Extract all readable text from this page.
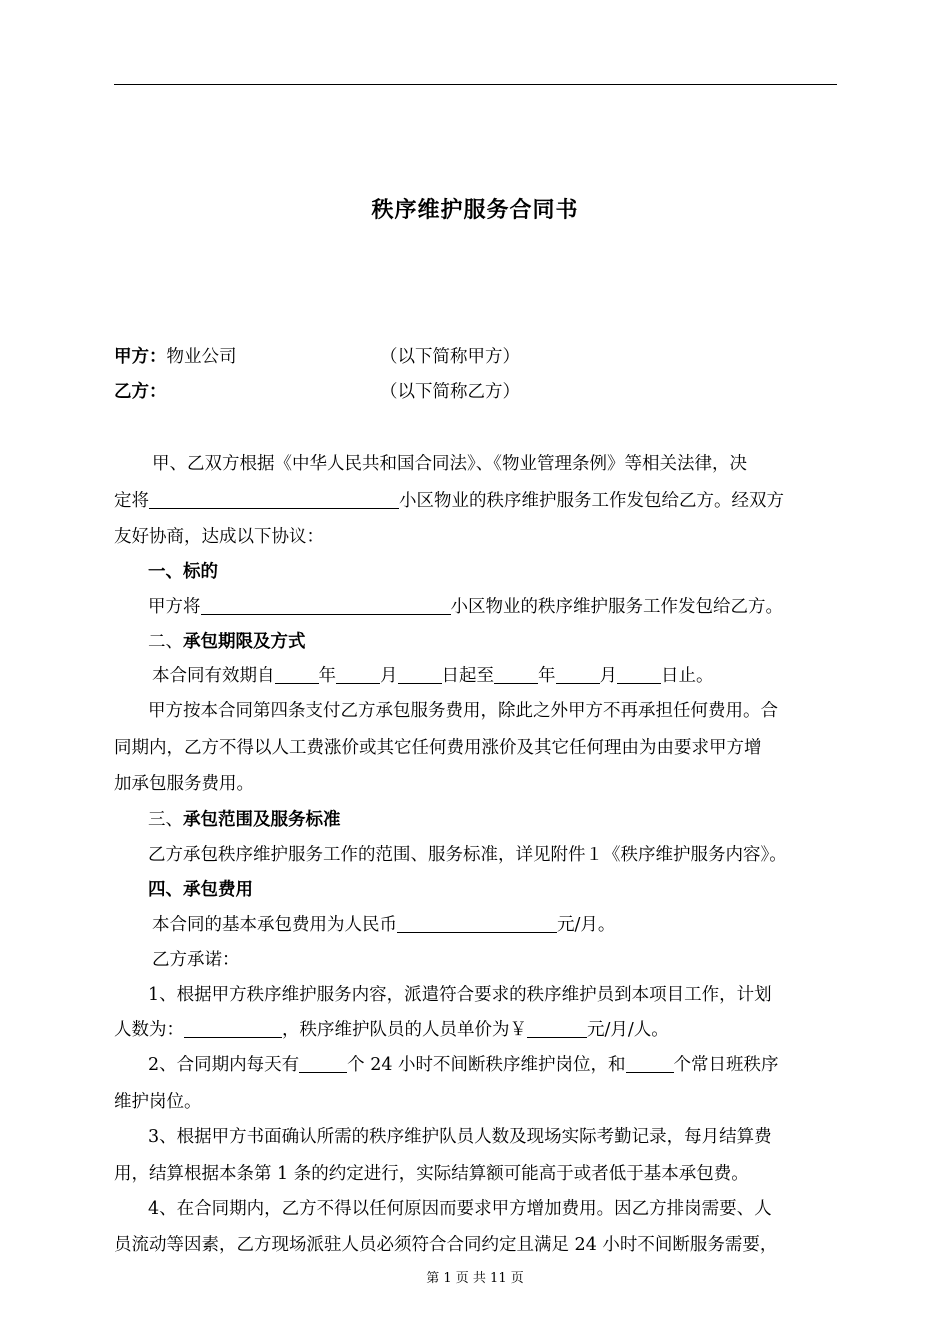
秩序维护服务合同书
甲方：物业公司	（以下简称甲方）
乙方：	（以下简称乙方）
甲、乙双方根据《中华人民共和国合同法》、《物业管理条例》等相关法律，决
定将	小区物业的秩序维护服务工作发包给乙方。经双方
友好协商，达成以下协议：
一、标的
甲方将	小区物业的秩序维护服务工作发包给乙方。
二、承包期限及方式
本合同有效期自	年	月	日起至	年	月	日止。
甲方按本合同第四条支付乙方承包服务费用，除此之外甲方不再承担任何费用。合
同期内，乙方不得以人工费涨价或其它任何费用涨价及其它任何理由为由要求甲方增
加承包服务费用。
三、承包范围及服务标准
乙方承包秩序维护服务工作的范围、服务标准，详见附件１《秩序维护服务内容》。
四、承包费用
本合同的基本承包费用为人民币	元/月。
乙方承诺：
1、根据甲方秩序维护服务内容，派遣符合要求的秩序维护员到本项目工作，计划
人数为：	，秩序维护队员的人员单价为￥	元/月/人。
2、合同期内每天有	个 24 小时不间断秩序维护岗位，和	个常日班秩序
维护岗位。
3、根据甲方书面确认所需的秩序维护队员人数及现场实际考勤记录，每月结算费
用，结算根据本条第 1 条的约定进行，实际结算额可能高于或者低于基本承包费。
4、在合同期内，乙方不得以任何原因而要求甲方增加费用。因乙方排岗需要、人
员流动等因素，乙方现场派驻人员必须符合合同约定且满足 24 小时不间断服务需要，
第 1 页 共 11 页
